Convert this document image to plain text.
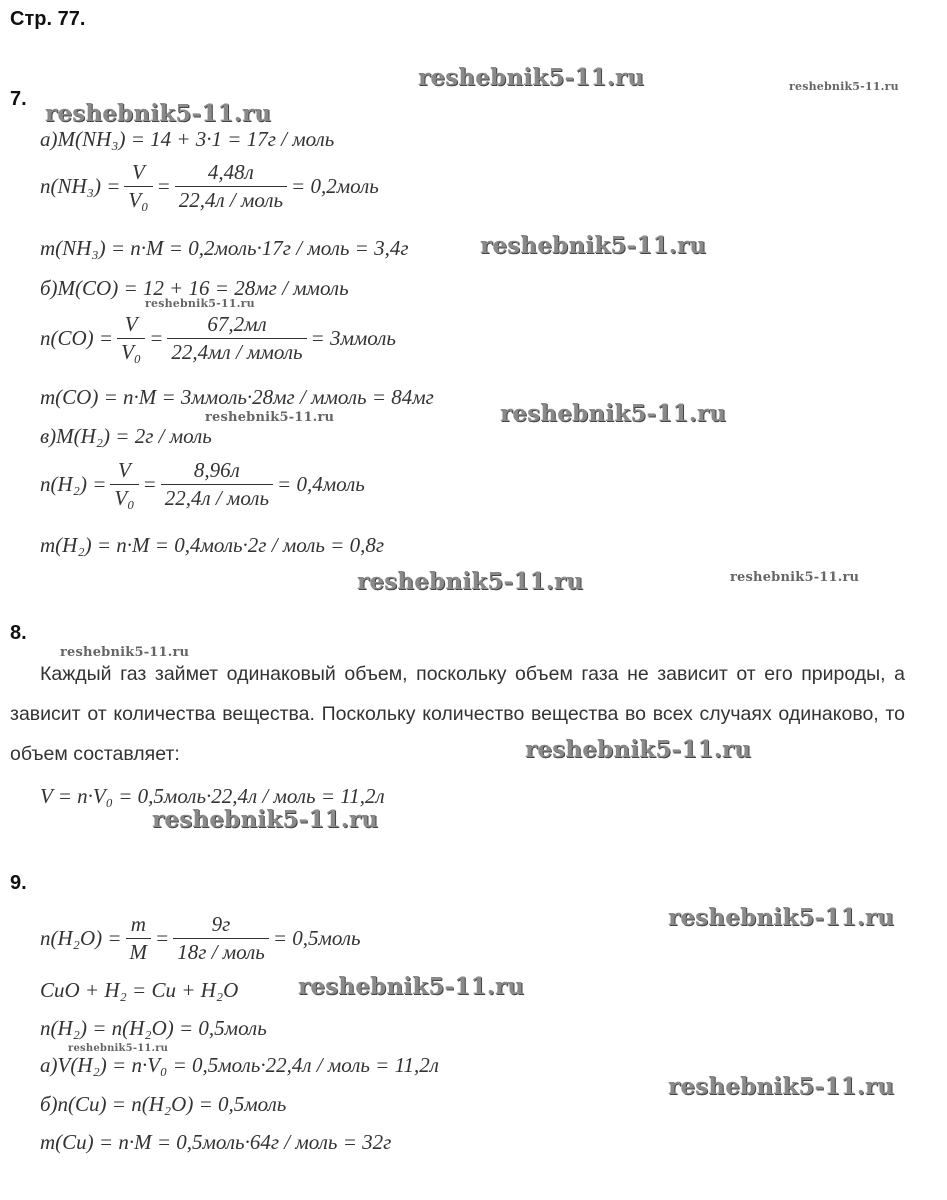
Стр. 77.
reshebnik5-11.ru	reshebnik5-11.ru
reshebnik5-11.ru
reshebnik5-11.ru
reshebnik5-11.ru
reshebnik5-11.ru	reshebnik5-11.ru
reshebnik5-11.ru	reshebnik5-11.ru
reshebnik5-11.ru
reshebnik5-11.ru
reshebnik5-11.ru
reshebnik5-11.ru
reshebnik5-11.ru
reshebnik5-11.ru
reshebnik5-11.ru
7.
а)M(NH₃) = 14 + 3·1 = 17г / моль
$n(NH_3) = \frac{V}{\text{V₀}} = \frac{4,48л}{\text{22,4л / моль}}$ = 0,2моль
m(NH₃) = n·M = 0,2моль·17г / моль = 3,4г
б)M(CO) = 12 + 16 = 28мг / ммоль
$n(CO) = \frac{V}{\text{V₀}} = \frac{67,2мл}{\text{22,4мл / ммоль}}$ = 3ммоль
m(CO) = n·M = 3ммоль·28мг / ммоль = 84мг
в)M(H₂) = 2г / моль
$n(H_2) = \frac{V}{\text{V₀}} = \frac{8,96л}{\text{22,4л / моль}}$ = 0,4моль
m(H₂) = n·M = 0,4моль·2г / моль = 0,8г
8.
Каждый газ займет одинаковый объем, поскольку объем газа не зависит от его природы, а зависит от количества вещества. Поскольку количество вещества во всех случаях одинаково, то объем составляет:
V = n·V₀ = 0,5моль·22,4л / моль = 11,2л
9.
$n(H_2O) = \frac{m}{M} = \frac{9г}{\text{18г / моль}}$ = 0,5моль
CuO + H₂ = Cu + H₂O
n(H₂) = n(H₂O) = 0,5моль
а)V(H₂) = n·V₀ = 0,5моль·22,4л / моль = 11,2л
б)n(Cu) = n(H₂O) = 0,5моль
m(Cu) = n·M = 0,5моль·64г / моль = 32г
